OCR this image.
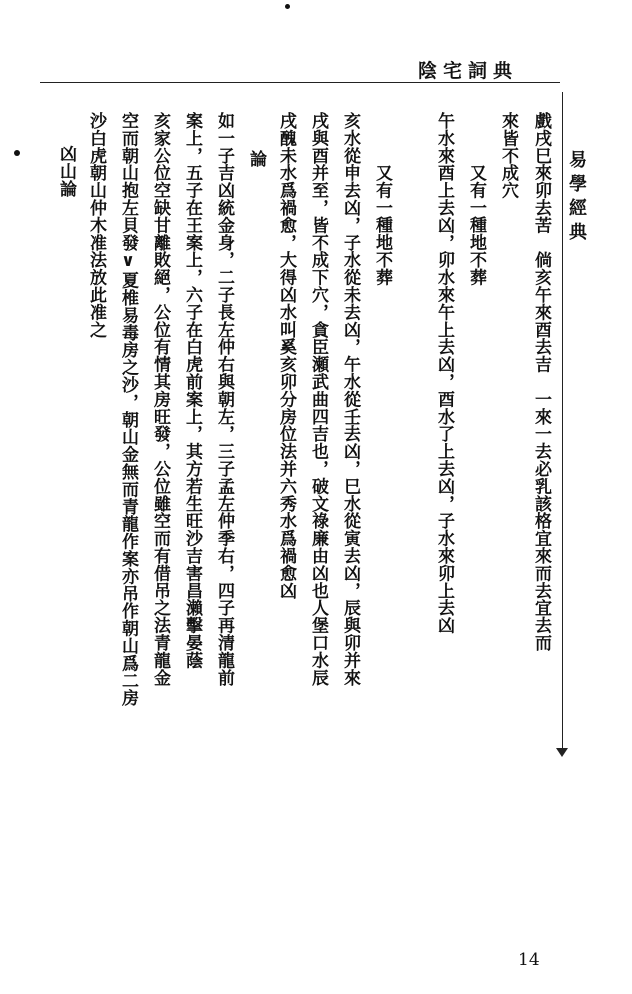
陰宅詞典
易學經典
戲戌巳來卯去苦　倘亥午來酉去吉　一來一去必乳該格宜來而去宜去而
來皆不成穴
又有一種地不葬
午水來酉上去凶，卯水來午上去凶，酉水了上去凶，子水來卯上去凶
又有一種地不葬
亥水從申去凶，子水從未去凶，午水從壬去凶，巳水從寅去凶，辰與卯并來
戌與酉并至，皆不成下穴，貪臣瀬武曲四吉也，破文祿廉由凶也人堡口水辰
戌醜未水爲禍愈，大得凶水叫奚亥卯分房位法并六秀水爲禍愈凶
論
如一子吉凶統金身，二子長左仲右與朝左，三子孟左仲季右，四子再清龍前
案上，五子在王案上，六子在白虎前案上，其方若生旺沙吉害昌瀨擊晏蔭
亥家公位空缺甘離敗絕，公位有情其房旺發，公位雖空而有借吊之法青龍金
空而朝山抱左貝發∨夏椎易毒房之沙，朝山金無而青龍作案亦吊作朝山爲二房
沙白虎朝山仲木准法放此准之
凶山論
14
